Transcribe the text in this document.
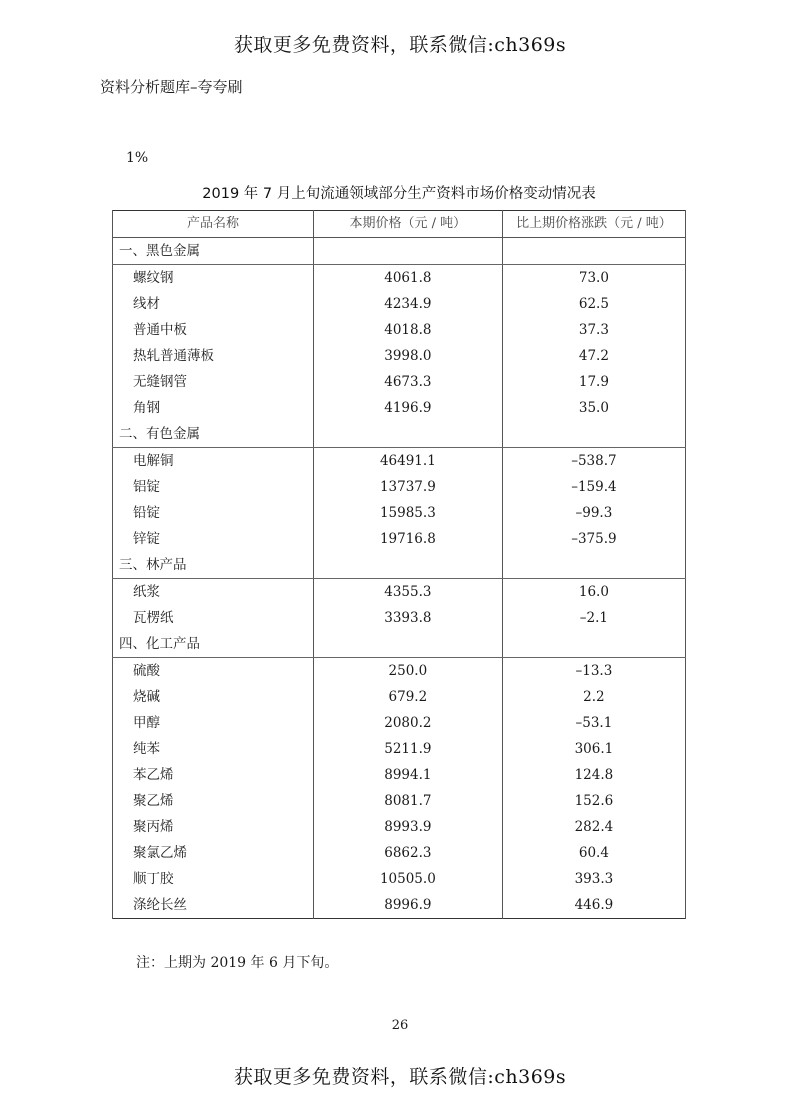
获取更多免费资料，联系微信:ch369s
资料分析题库–夸夸刷
1%
2019 年 7 月上旬流通领域部分生产资料市场价格变动情况表
产品名称	本期价格（元 / 吨）	比上期价格涨跌（元 / 吨）
一、黑色金属		
螺纹钢	4061.8	73.0
线材	4234.9	62.5
普通中板	4018.8	37.3
热轧普通薄板	3998.0	47.2
无缝钢管	4673.3	17.9
角钢	4196.9	35.0
二、有色金属		
电解铜	46491.1	–538.7
铝锭	13737.9	–159.4
铅锭	15985.3	–99.3
锌锭	19716.8	–375.9
三、林产品		
纸浆	4355.3	16.0
瓦楞纸	3393.8	–2.1
四、化工产品		
硫酸	250.0	–13.3
烧碱	679.2	2.2
甲醇	2080.2	–53.1
纯苯	5211.9	306.1
苯乙烯	8994.1	124.8
聚乙烯	8081.7	152.6
聚丙烯	8993.9	282.4
聚氯乙烯	6862.3	60.4
顺丁胶	10505.0	393.3
涤纶长丝	8996.9	446.9
注：上期为 2019 年 6 月下旬。
26
获取更多免费资料，联系微信:ch369s
